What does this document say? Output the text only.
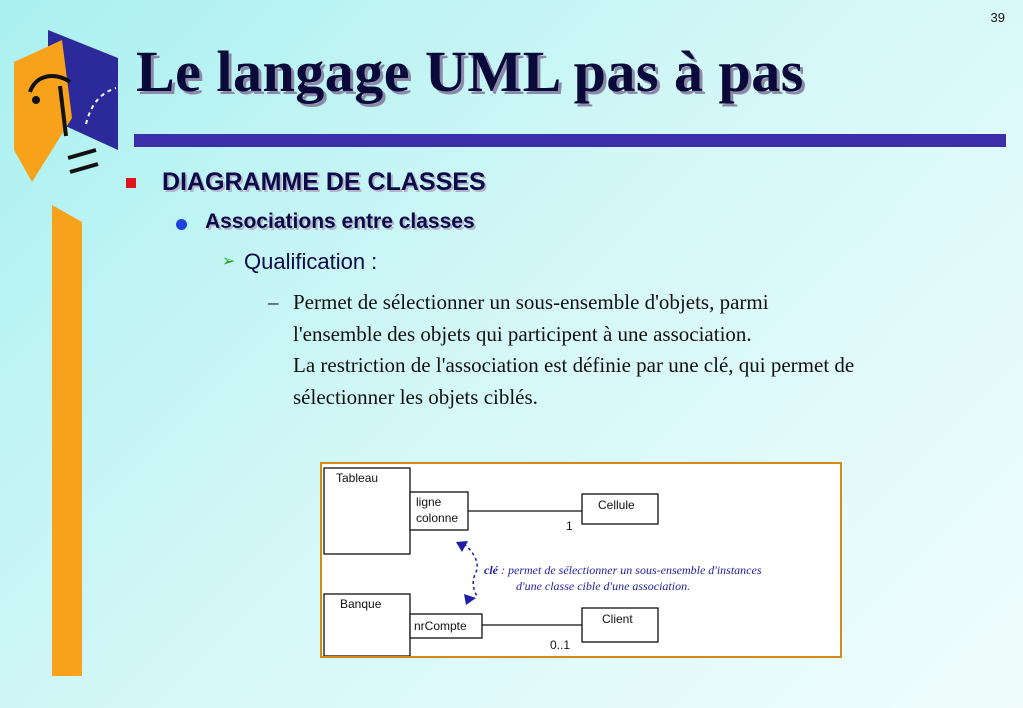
39
Le langage UML pas à pas
DIAGRAMME DE CLASSES
Associations entre classes
➢ Qualification :
– Permet de sélectionner un sous-ensemble d'objets, parmi

l'ensemble des objets qui participent à une association.

La restriction de l'association est définie par une clé, qui permet de

sélectionner les objets ciblés.

Tableau
ligne
colonne
Cellule
1
clé : permet de sélectionner un sous-ensemble d'instances
d'une classe cible d'une association.
Banque
nrCompte	Client
0..1
